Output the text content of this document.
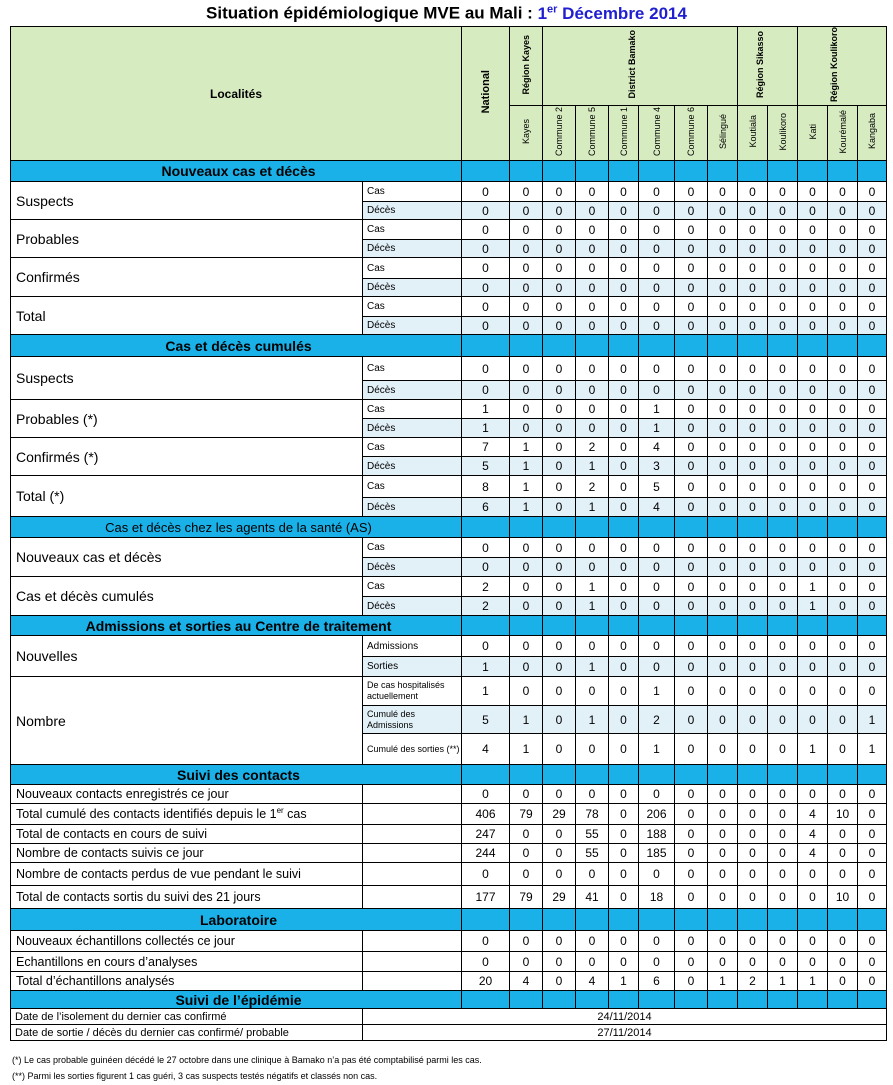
Situation épidémiologique MVE au Mali : 1er Décembre 2014
Localités		National	Région Kayes	District Bamako						Région Sikasso		Région Koulikoro		
			Kayes	Commune 2	Commune 5	Commune 1	Commune 4	Commune 6	Sélingué	Koutiala	Koulikoro	Kati	Kourémalé	Kangaba
Nouveaux cas et décès														
Suspects	Cas	0	0	0	0	0	0	0	0	0	0	0	0	0
	Décès	0	0	0	0	0	0	0	0	0	0	0	0	0
Probables	Cas	0	0	0	0	0	0	0	0	0	0	0	0	0
	Décès	0	0	0	0	0	0	0	0	0	0	0	0	0
Confirmés	Cas	0	0	0	0	0	0	0	0	0	0	0	0	0
	Décès	0	0	0	0	0	0	0	0	0	0	0	0	0
Total	Cas	0	0	0	0	0	0	0	0	0	0	0	0	0
	Décès	0	0	0	0	0	0	0	0	0	0	0	0	0
Cas et décès cumulés														
Suspects	Cas	0	0	0	0	0	0	0	0	0	0	0	0	0
	Décès	0	0	0	0	0	0	0	0	0	0	0	0	0
Probables (*)	Cas	1	0	0	0	0	1	0	0	0	0	0	0	0
	Décès	1	0	0	0	0	1	0	0	0	0	0	0	0
Confirmés (*)	Cas	7	1	0	2	0	4	0	0	0	0	0	0	0
	Décès	5	1	0	1	0	3	0	0	0	0	0	0	0
Total (*)	Cas	8	1	0	2	0	5	0	0	0	0	0	0	0
	Décès	6	1	0	1	0	4	0	0	0	0	0	0	0
Cas et décès chez les agents de la santé (AS)														
Nouveaux cas et décès	Cas	0	0	0	0	0	0	0	0	0	0	0	0	0
	Décès	0	0	0	0	0	0	0	0	0	0	0	0	0
Cas et décès cumulés	Cas	2	0	0	1	0	0	0	0	0	0	1	0	0
	Décès	2	0	0	1	0	0	0	0	0	0	1	0	0
Admissions et sorties au Centre de traitement														
Nouvelles	Admissions	0	0	0	0	0	0	0	0	0	0	0	0	0
	Sorties	1	0	0	1	0	0	0	0	0	0	0	0	0
Nombre	De cas hospitalisés actuellement	1	0	0	0	0	1	0	0	0	0	0	0	0
	Cumulé des Admissions	5	1	0	1	0	2	0	0	0	0	0	0	1
	Cumulé des sorties (**)	4	1	0	0	0	1	0	0	0	0	1	0	1
Suivi des contacts														
Nouveaux contacts enregistrés ce jour		0	0	0	0	0	0	0	0	0	0	0	0	0
Total cumulé des contacts identifiés depuis le 1er cas		406	79	29	78	0	206	0	0	0	0	4	10	0
Total de contacts en cours de suivi		247	0	0	55	0	188	0	0	0	0	4	0	0
Nombre de contacts suivis ce jour		244	0	0	55	0	185	0	0	0	0	4	0	0
Nombre de contacts perdus de vue pendant le suivi		0	0	0	0	0	0	0	0	0	0	0	0	0
Total de contacts sortis du suivi des 21 jours		177	79	29	41	0	18	0	0	0	0	0	10	0
Laboratoire														
Nouveaux échantillons collectés ce jour		0	0	0	0	0	0	0	0	0	0	0	0	0
Echantillons en cours d’analyses		0	0	0	0	0	0	0	0	0	0	0	0	0
Total d’échantillons analysés		20	4	0	4	1	6	0	1	2	1	1	0	0
Suivi de l’épidémie														
Date de l’isolement du dernier cas confirmé	24/11/2014													
Date de sortie / décès du dernier cas confirmé/ probable	27/11/2014													
(*) Le cas probable guinéen décédé le 27 octobre dans une clinique à Bamako n’a pas été comptabilisé parmi les cas.
(**) Parmi les sorties figurent 1 cas guéri, 3 cas suspects testés négatifs et classés non cas.
